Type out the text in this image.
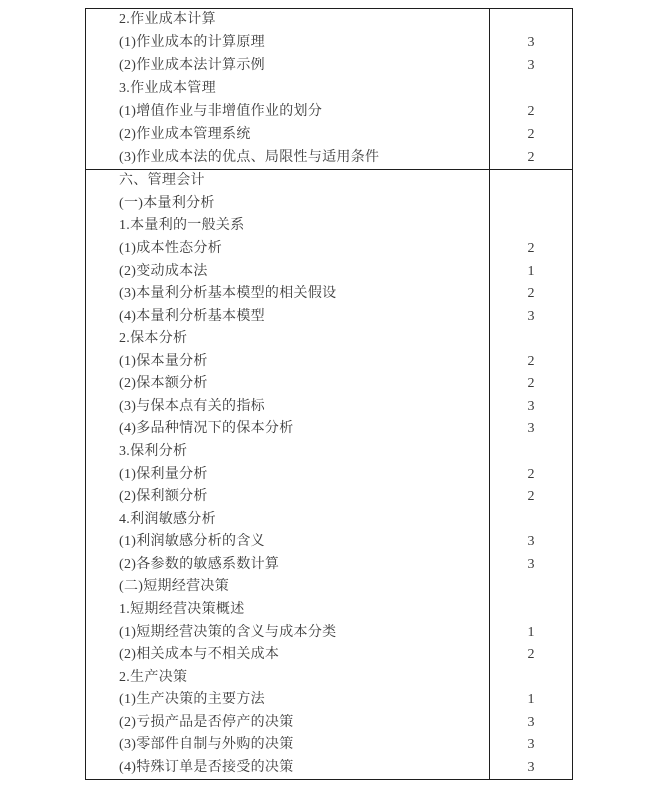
2.作业成本计算
(1)作业成本的计算原理	3
(2)作业成本法计算示例	3
3.作业成本管理
(1)增值作业与非增值作业的划分	2
(2)作业成本管理系统	2
(3)作业成本法的优点、局限性与适用条件	2
六、管理会计
(一)本量利分析
1.本量利的一般关系
(1)成本性态分析	2
(2)变动成本法	1
(3)本量利分析基本模型的相关假设	2
(4)本量利分析基本模型	3
2.保本分析
(1)保本量分析	2
(2)保本额分析	2
(3)与保本点有关的指标	3
(4)多品种情况下的保本分析	3
3.保利分析
(1)保利量分析	2
(2)保利额分析	2
4.利润敏感分析
(1)利润敏感分析的含义	3
(2)各参数的敏感系数计算	3
(二)短期经营决策
1.短期经营决策概述
(1)短期经营决策的含义与成本分类	1
(2)相关成本与不相关成本	2
2.生产决策
(1)生产决策的主要方法	1
(2)亏损产品是否停产的决策	3
(3)零部件自制与外购的决策	3
(4)特殊订单是否接受的决策	3
